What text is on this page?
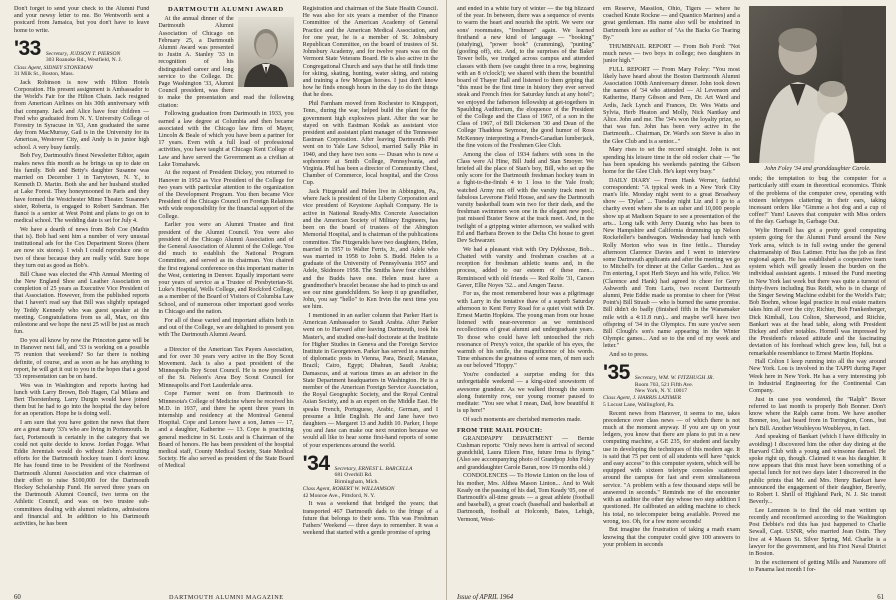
Don't forget to send your check to the Alumni Fund and your newsy letter to me. Bo Wentworth sent a postcard from Jamaica, but you don't have to leave home to write.

'33 Secretary, JUDSON T. PIERSON
303 Roanoke Rd., Westfield, N. J.
Class Agent, SIDNEY STONEMAN
31 Milk St., Boston, Mass.

Jack Robinson is now with Hilton Hotels Corporation. His present assignment is Ambassador to the World's Fair for the Hilton Chain. Jack resigned from American Airlines on his 30th anniversary with that company. Jack and Alice have four children — Fred who graduated from N. Y. University College of Forestry in Syracuse in '63, Ann graduated the same day from MacMurray, Gail is in the University for its Americas, Westover City, and Andy is in junior high school. A very busy family.

Bob Fey, Dartmouth's finest Newsletter Editor, again makes news this month as he brings us up to date on his family. Bob and Betty's daughter Susanne was married on December 1 in Tarrytown, N. Y., to Kenneth D. Martin. Both she and her husband studied at Lake Forest. They honeymooned in Paris and they have formed the Westchester Mime Theater. Susanne's sister, Roberta, is engaged to Robert Sandman. Her fiancé is a senior at West Point and plans to go on to medical school. The wedding date is set for July 4.

We have a dearth of news from Bob Coe (Mathis that is). Bob had sent him a number of very unusual institutional ads for the Cox Department Stores (there are now six stores). I wish I could reproduce one or two of these because they are really wild. Sure hope they turn out as good as Bob's.

Bill Chase was elected the 47th Annual Meeting of the New England Shoe and Leather Association on completion of 25 years as Executive Vice President of that Association. However, from the published reports that I haven't read say that Bill was slightly upstaged by Teddy Kennedy who was guest speaker at the meeting. Congratulations from us all, Max, on this milestone and we hope the next 25 will be just as much fun.

Do you all know by now the Princeton game will be in Hanover next fall, and '33 is working on a possible 75 reunion that weekend? So far there is nothing definite, of course, and as soon as he has anything to report, he will get it out to you in the hopes that a good '33 representation can be on hand.

Wes was in Washington and reports having had lunch with Larry Brown, Bob Hagen, Cal Milans and Bert Thorstenberg. Larry Durgin would have joined them but he had to go into the hospital the day before for an operation. Hope he is doing well.

I am sure that you have gotten the news that there are a great many '33's who are living in Portsmouth. In fact, Portsmouth is certainly in the category that we could not quite decide to know. Jordan Fogge. What Eddie Jeremiah would do without John's recruiting efforts for the Dartmouth hockey team I don't know. He has found time to be President of the Northwest Dartmouth Alumni Association and vice chairman of their effort to raise $100,000 for the Dartmouth Hockey Scholarship Fund. He served three years on the Dartmouth Alumni Council, two terms on the Athletic Council, and was on two trustee sub-committees dealing with alumni relations, admissions and financial aid. In addition to his Dartmouth activities, he has been

DARTMOUTH ALUMNI AWARD

At the annual dinner of the Dartmouth Alumni Association of Chicago on February 25, a Dartmouth Alumni Award was presented to Justin A. Stanley '33 in recognition of his distinguished career and long service to the College. Dr. Page Washington '33, Alumni Council president, was there to make the presentation and read the following citation:

Following graduation from Dartmouth in 1933, you earned a law degree at Columbia and then became associated with the Chicago law firm of Mayer, Lincoln & Beale of which you have been a partner for 17 years. Even with a full load of professional activities, you have taught at Chicago Kent College of Law and have served the Government as a civilian at Lake Tomahawk.

At the request of President Dickey, you returned to Hanover in 1952 as Vice President of the College for two years with particular attention to the organization of the Development Program. You then became Vice President of the Chicago Council on Foreign Relations with wide responsibility for the financial support of the College.

Earlier you were an Alumni Trustee and first president of the Alumni Council. You were also president of the Chicago Alumni Association and of the General Association of Alumni of the College. You did much to establish the National Program Committee, and served as its chairman. You chaired the first regional conference on this important matter in the West, centering in Denver. Equally important were your years of service as a Trustee of Presbyterian-St. Luke's Hospital, Wells College, and Rockford College, as a member of the Board of Visitors of Columbia Law School, and of numerous other important good works in Chicago and the nation.

For all of these varied and important affairs both in and out of the College, we are delighted to present you with The Dartmouth Alumni Award.

a Director of the American Tax Payers Association, and for over 30 years very active in the Boy Scout Movement. Jack is also a past president of the Minneapolis Boy Scout Council. He is now president of the St. Nelson's Area Boy Scout Council for Minneapolis and Fort Lauderdale area.

Cope Farmer went on from Dartmouth to Minnesota's College of Medicine where he received his M.D. in 1937, and there he spent three years in internship and residency at the Montreal General Hospital. Cope and Lenore have a son, James — 17, and a daughter, Katherine — 13. Cope is practicing general medicine in St. Louis and is Chairman of the Board of honors. He has been president of the hospital medical staff, County Medical Society, State Medical Society. He also served as president of the State Board of Medical

Registration and chairman of the State Health Council. He was also for six years a member of the Finance Committee of the American Academy of General Practice and the American Medical Association, and for one year, he is a member of St. Johnsbury Republican Committee, on the board of trustees of St. Johnsbury Academy, and for twelve years was on the Vermont State Veterans Board. He is also active in the Congregational Church and says that he still finds time for skiing, skating, hunting, water skiing, and raising and training a few Morgan horses. I just don't know how he finds enough hours in the day to do the things that he does.

Phil Farnham moved from Rochester to Kingsport, Tenn., during the war, helped build the plant for the government high explosives plant. After the war he stayed on with Eastman Kodak as assistant vice president and assistant plant manager of the Tennessee Eastman Corporation. After leaving Dartmouth Phil went on to Yale Law School, married Sally Pike in 1940, and they have two sons — Dusan who is now a sophomore at Smith College, Pennsylvania, and Virginia. Phil has been a director of Community Chest, Chamber of Commerce, local hospital, and the Cross Cup.

Jack Fitzgerald and Helen live in Abbington, Pa., where Jack is president of the Liberty Corporation and vice president of Keystone Asphalt Company. He is active in National Ready-Mix Concrete Association and the American Society of Military Engineers, has been on the board of trustees of the Abington Memorial Hospital, and is chairman of the publications committee. The Fitzgeralds have two daughters, Helen, married in 1957 to Walter Ferris, Jr., and Adele who was married in 1958 to John S. Budd. Helen is a graduate of the University of Pennsylvania 1957 and Adele, Skidmore 1958. The Smiths have four children and the Budds have one. Helen must have a grandmother's bracelet because she had to pinch us and see our nine grandchildren. So keep it up grandfather, John, you say "hello" to Ken Irvin the next time you see him.

I mentioned in an earlier column that Parker Hart is American Ambassador to Saudi Arabia. After Parker went on to Harvard after leaving Dartmouth, took his Master's, and studied one-half doctorate at the Institute for Higher Studies in Geneva and the Foreign Service Institute in Georgetown. Parker has served in a number of diplomatic posts in Vienna, Para, Brazil; Manaus, Brazil; Cairo, Egypt; Dhahran, Saudi Arabia; Damascus, and at various times as an advisor in the State Department headquarters in Washington. He is a member of the American Foreign Service Association, the Royal Geographic Society, and the Royal Central Asian Society, and is an expert on the Middle East. He speaks French, Portuguese, Arabic, German, and I presume a little English. He and Jane have two daughters — Margaret 13 and Judith 10. Parker, I hope you and Jane can make our next reunion because we would all like to hear some first-hand reports of some of your experiences around the world.

'34 Secretary, ERNEST L. BARCELLA
681 Overhill Rd.
Birmingham, Mich.
Class Agent, ROBERT W. WILLIAMSON
42 Monroe Ave., Pittsford, N. Y.

It was a weekend that bridged the years; that transported 467 Dartmouth dads to the fringe of a future that belongs to their sons. This was Freshman Fathers' Weekend — three days to remember. It was a weekend that started with a gentle promise of spring

60	DARTMOUTH ALUMNI MAGAZINE

and ended in a white fury of winter — the big blizzard of the year. In between, there was a sequence of events to warm the heart and nourish the spirit. We were our sons' roommates, "freshmen" again. We learned firsthand a new kind of language — "booking" (studying), "power book" (cramming), "punting" (goofing off), etc. And, to the surprises of the Baker Tower bells, we trudged across campus and attended classes with them (we caught three in a row, beginning with an 8 o'clock!); we shared with them the bountiful board of Thayer Hall and listened to them griping that "this must be the first time in history they ever served steak and French fries for Saturday lunch at any hotel"; we enjoyed the fatherson fellowship at get-togethers in Spaulding Auditorium, the eloquence of the President of the College and the Class of 1967, of a son in the Class of 1967, of Bill Dickerson '30 and Dean of the College Thaddeus Seymour, the good humor of Ross McKenney interpreting a French-Canadian lumberjack, the fine voices of the Freshmen Glee Club.

Among the class of 1934 fathers with sons in the Class were Al Hine, Bill Judd and Stan Smoyer. We briefed all the place of Stan's boy, Bill, who set up the only score for the Dartmouth freshman hockey team in a fight-to-the-finish 4 to 1 loss to the Yale frosh; watched Army run off with the varsity track meet in fabulous Leverone Field House, and saw the Dartmouth varsity basketball team win two for their dads, and the freshman swimmers won one in the elegant new pool; just missed Buster Snow at the track meet. And, in the twilight of a gripping winter afternoon, we walked with Ed and Barbara Brown to the Delta Chi house to greet Dev Schwarzer.

We had a pleasant visit with Ory Dykhouse, Bob... Chatted with varsity and freshman coaches at a reception for freshman athletic teams and, in the process, added to our esteem of these men... Reminisced with old friends — Red Rolfe '31, Carson Gaver, Ellie Noyes '32... and Amgen Tauxe.

For us, the most remembered hour was a pilgrimage with Larry in the tentative thaw of a superb Saturday afternoon to Kent Ferry Road for a quiet visit with Dr. Ernest Martin Hopkins. The young man from our house listened with near-reverence as we reminisced recollections of great alumni and undergraduate years. To those who could have left untouched the rich resonance of Prexy's voice, the sparkle of his eyes, the warmth of his smile, the magnificence of his words. Time enhances the greatness of some men, of men such as our beloved "Hoppy."

You're conducted a surprise ending for this unforgettable weekend — a king-sized snowstorm of awesome grandeur. As we walked through the storm along fraternity row, our young roomer paused to meditate: "You see what I mean, Dad, how beautiful it is up here!"

Of such moments are cherished memories made.

FROM THE MAIL POUCH:

GRANDPAPPY DEPARTMENT — Bernie Cushman reports: "Only news here is arrival of second grandchild, Laura Eileen Fine, future Irma is flying." (Also see accompanying photo of Grandpop John Foley and granddaughter Carole Baran, now 19 months old.)

CONDOLENCES — To Howie Linton on the loss of his mother, Mrs. Althea Mason Linton... And to Walt Keady on the passing of his dad, Tom Keady '05, one of Dartmouth's all-time greats — a great athlete (football and baseball), a great coach (baseball and basketball at Dartmouth, football at Holcomb, Bates, Lehigh, Vermont, West-

ern Reserve, Massilon, Ohio, Tigers — where he coached Knute Rockne — and Quantico Marines) and a great gentleman. His name also will be enshrined in Dartmouth lore as author of "As the Backs Go Tearing By."

THUMBNAIL REPORT — From Bob Ford: "Not much news — two boys in college; two daughters in junior high."

FULL REPORT — From Mary Foley: "You most likely have heard about the Boston Dartmouth Alumni Association 100th Anniversary dinner. John took down the names of '34 who attended — Al Levenson and Katherine, Harry Gibson and Pem, Dr. Art Ward and Ardis, Jack Lynch and Frances, Dr. Wes Watts and Sylvia, Herb Heaton and Molly, Nick Nantkay and Alice. John and me. The '34's won the loyalty prize, so that was fun. John has been very active in the Dartmouth... Chairman, Dr. Ward's son Steve is also in the Glee Club and is a senior..."

Mary rises to set the record straight. John is not spending his leisure time in the old rocker chair — "he has been speaking his weekends painting the Gibson home for the Glee Club. He's kept very busy."

DAILY DIARY — From Hank Werner, faithful correspondent: "A typical week in a New York City man's life. Monday night went to a great Broadway show — 'Dylan' ... Tuesday night Liz and I go to a charity event where she is an usher and 10,000 people show up at Madison Square to see a presentation of the arts... Long talk with Jerry Daunig who has been to New Hampshire and California drumming up Nelson Rockefeller's bandwagon. Wednesday had lunch with Rolly Morton who was in fine fettle... Thursday afternoon Clarence Davies and I went to interview some Dartmouth applicants and after the meeting we go to Mitchell's for dinner at the Cellar Garden... Just as I'm entering, I spot Herb Steyn and his wife, Felice. We (Clarence and Hank) had agreed to cheer for Gerry Ashworth and Tom Laris, two recent Dartmouth alumni, Pete Eddie made us promise to cheer for (West Point's) Bill Straub — who is burned the same promise. Bill didn't do badly (finished fifth in the Wanamaker mile with a 4:11.8 run)... and maybe we'll have two offspring of '34 in the Olympics. I'm sure you've seen Bill Clough's son's name appearing in the Winter Olympic games... And so to the end of my week and letter."

And so to press.

'35 Secretary, WM. W. FITZHUGH JR.
Room 703, 521 Fifth Ave.
New York, N. Y. 10017
Class Agent, J. HARRIS LATIMER
5 Locust Lane, Wallingford, Pa.

Recent news from Hanover, it seems to me, takes precedence over class news — of which there is not much at the moment anyway. If you are up on your ledgers, you know that there are plans to put in a new computing machine, a GE 235, for student and faculty use in developing the techniques of this modern age. It is said that 75 per cent of all students will have "quick and easy access" to this computer system, which will be equipped with sixteen teletype consoles scattered around the campus for fast and even simultaneous service. "A problem with a few thousand steps will be answered in seconds." Reminds me of the encounter with an auditor the other day whose two step addition I questioned. He calibrated an adding machine to check his total, no telecomputer being available. Proved me wrong, too. Oh, for a few more seconds!

But imagine the frustration of taking a math exam knowing that the computer could give 100 answers to your problem in seconds

John Foley '34 and granddaughter Carole.

onds; the temptation to bug the computer for a particularly stiff exam in theoretical economics. Think of the problems of the computer crew, operating with sixteen teletypes clattering in their ears, taking incessant orders like "Gimme a hot dog and a cup of coffee!" Yum! Leaves that computer with Miss orders of the day. Garbage In, Garbage Out.

Wylie Hornell has got a pretty good computing system going for the Alumni Fund around the New York area, which is in full swing under the general chairmanship of Bus Latimer. Fritz has the job as first regional agent. He has established a cooperative team system which will greatly lessen the burden on the individual assistant agents. I missed the Fund meeting in New York last week but there was quite a turnout of thirty-fivers including Bus Reidt, who is in charge of the Singer Sewing Machine exhibit for the World's Fair; Bob Boehm, whose legal practice in real estate matters takes him all over the city; Richter, Bob Frankenberger, Dick Kimball, Lou Colton, Sherwood, and Ritchie, Bankart was at the head table, along with President Dickey and other notables. Hornell was impressed by the President's relaxed attitude and the fascinating deviation of his forehead which grew less, full, but a remarkable resemblance to Ernest Martin Hopkins.

Hall Colton I keep running into all the way around New York. Lou is involved in the TAPPI during Paper Week here in New York. He has a very interesting job in Industrial Engineering for the Continental Can Company.

Just in case you wondered, the "Ralph" Boxer referred to last month is properly Bob Bonner. Don't know where the Ralph came from. We have another Bonner, too, last heard from in Torrington, Conn., but he's Bill. Another Woubleyou Woubleyou, in fact.

And speaking of Bankart (which I have difficulty in avoiding) I discovered him the other day dining at the Harvard Club with a young and winsome damsel. He spoke right up, though. Claimed it was his daughter. It now appears that this must have been something of a special lunch for not two days later I discovered in the public prints that Mr. and Mrs. Henry Bankart have announced the engagement of their daughter, Beverly, to Robert I. Shrill of Highland Park, N. J. Sic transit Beverly...

Lee Lemmon is to find the old man written up recently and reconfirmed according to the Washington Post Debbie's rod this has just happened to Charlie Sewall, Capt. USNR, who married Jean Ostin. They live at 4 Mason St. Silver Spring, Md. Charlie is a lawyer for the government, and his First Naval District in Boston.

In the excitement of getting Mills and Naramore off to Panama last month I for-

Issue of APRIL 1964	61
